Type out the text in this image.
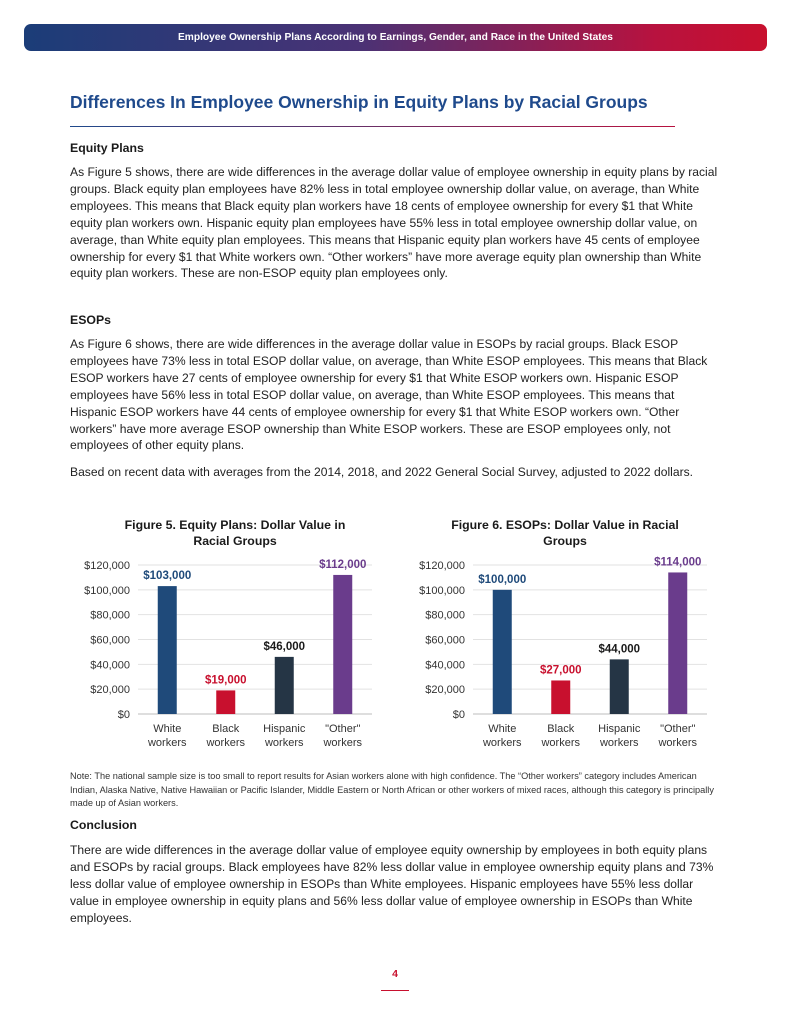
Employee Ownership Plans According to Earnings, Gender, and Race in the United States
Differences In Employee Ownership in Equity Plans by Racial Groups
Equity Plans

As Figure 5 shows, there are wide differences in the average dollar value of employee ownership in equity plans by racial groups. Black equity plan employees have 82% less in total employee ownership dollar value, on average, than White employees. This means that Black equity plan workers have 18 cents of employee ownership for every $1 that White equity plan workers own. Hispanic equity plan employees have 55% less in total employee ownership dollar value, on average, than White equity plan employees. This means that Hispanic equity plan workers have 45 cents of employee ownership for every $1 that White workers own. “Other workers” have more average equity plan ownership than White equity plan workers. These are non-ESOP equity plan employees only.

ESOPs

As Figure 6 shows, there are wide differences in the average dollar value in ESOPs by racial groups. Black ESOP employees have 73% less in total ESOP dollar value, on average, than White ESOP employees. This means that Black ESOP workers have 27 cents of employee ownership for every $1 that White ESOP workers own. Hispanic ESOP employees have 56% less in total ESOP dollar value, on average, than White ESOP employees. This means that Hispanic ESOP workers have 44 cents of employee ownership for every $1 that White ESOP workers own. “Other workers” have more average ESOP ownership than White ESOP workers. These are ESOP employees only, not employees of other equity plans.

Based on recent data with averages from the 2014, 2018, and 2022 General Social Survey, adjusted to 2022 dollars.

Figure 5. Equity Plans: Dollar Value in
Racial Groups
$0
$20,000
$40,000
$60,000
$80,000
$100,000
$120,000
$103,000
White
workers
$19,000
Black
workers
$46,000
Hispanic
workers
$112,000
"Other"
workers
Figure 6. ESOPs: Dollar Value in Racial
Groups
$0
$20,000
$40,000
$60,000
$80,000
$100,000
$120,000
$100,000
White
workers
$27,000
Black
workers
$44,000
Hispanic
workers
$114,000
"Other"
workers

Note: The national sample size is too small to report results for Asian workers alone with high confidence. The “Other workers” category includes American Indian, Alaska Native, Native Hawaiian or Pacific Islander, Middle Eastern or North African or other workers of mixed races, although this category is principally made up of Asian workers.

Conclusion

There are wide differences in the average dollar value of employee equity ownership by employees in both equity plans and ESOPs by racial groups. Black employees have 82% less dollar value in employee ownership equity plans and 73% less dollar value of employee ownership in ESOPs than White employees. Hispanic employees have 55% less dollar value in employee ownership in equity plans and 56% less dollar value of employee ownership in ESOPs than White employees.

4
